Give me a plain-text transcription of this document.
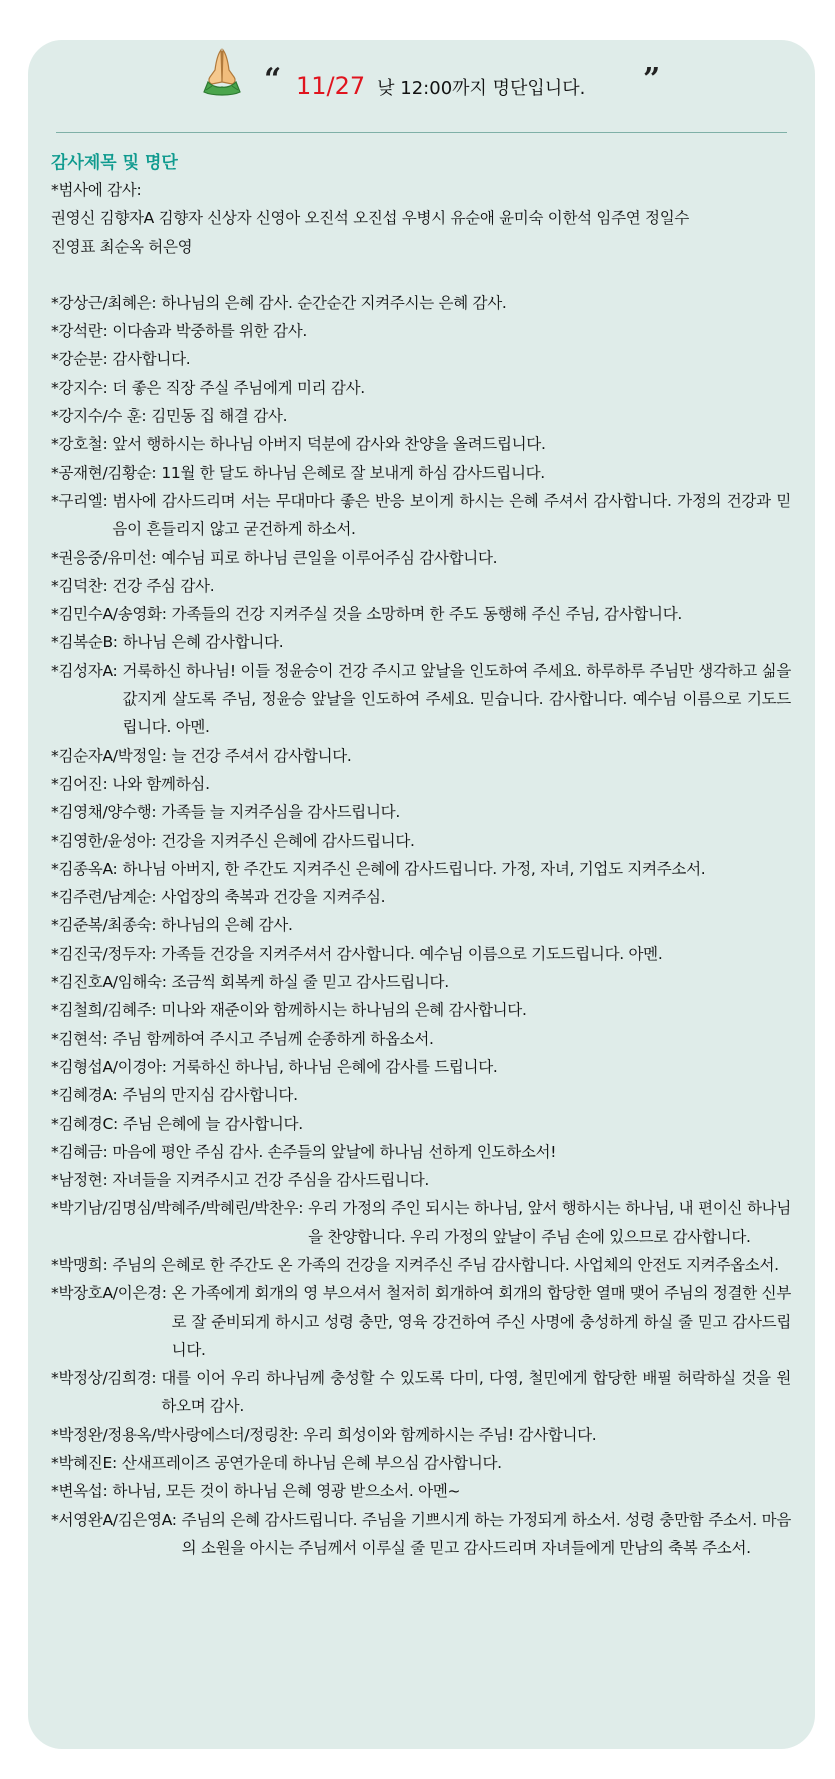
“ 11/27 낮 12:00까지 명단입니다. ”
감사제목 및 명단
*범사에 감사:
권영신 김향자A 김향자 신상자 신영아 오진석 오진섭 우병시 유순애 윤미숙 이한석 임주연 정일수
진영표 최순옥 허은영
*강상근/최혜은: 하나님의 은혜 감사. 순간순간 지켜주시는 은혜 감사.
*강석란: 이다솜과 박중하를 위한 감사.
*강순분: 감사합니다.
*강지수: 더 좋은 직장 주실 주님에게 미리 감사.
*강지수/수 훈: 김민동 집 해결 감사.
*강호철: 앞서 행하시는 하나님 아버지 덕분에 감사와 찬양을 올려드립니다.
*공재현/김황순: 11월 한 달도 하나님 은혜로 잘 보내게 하심 감사드립니다.
*구리엘: 범사에 감사드리며 서는 무대마다 좋은 반응 보이게 하시는 은혜 주셔서 감사합니다. 가정의 건강과 믿음이 흔들리지 않고 굳건하게 하소서.
*권응중/유미선: 예수님 피로 하나님 큰일을 이루어주심 감사합니다.
*김덕찬: 건강 주심 감사.
*김민수A/송영화: 가족들의 건강 지켜주실 것을 소망하며 한 주도 동행해 주신 주님, 감사합니다.
*김복순B: 하나님 은혜 감사합니다.
*김성자A: 거룩하신 하나님! 이들 정윤승이 건강 주시고 앞날을 인도하여 주세요. 하루하루 주님만 생각하고 싦을 값지게 살도록 주님, 정윤승 앞날을 인도하여 주세요. 믿습니다. 감사합니다. 예수님 이름으로 기도드립니다. 아멘.
*김순자A/박정일: 늘 건강 주셔서 감사합니다.
*김어진: 나와 함께하심.
*김영채/양수행: 가족들 늘 지켜주심을 감사드립니다.
*김영한/윤성아: 건강을 지켜주신 은혜에 감사드립니다.
*김종옥A: 하나님 아버지, 한 주간도 지켜주신 은혜에 감사드립니다. 가정, 자녀, 기업도 지켜주소서.
*김주련/남계순: 사업장의 축복과 건강을 지켜주심.
*김준복/최종숙: 하나님의 은혜 감사.
*김진국/정두자: 가족들 건강을 지켜주셔서 감사합니다. 예수님 이름으로 기도드립니다. 아멘.
*김진호A/임해숙: 조금씩 회복케 하실 줄 믿고 감사드립니다.
*김철희/김혜주: 미나와 재준이와 함께하시는 하나님의 은혜 감사합니다.
*김현석: 주님 함께하여 주시고 주님께 순종하게 하옵소서.
*김형섭A/이경아: 거룩하신 하나님, 하나님 은혜에 감사를 드립니다.
*김혜경A: 주님의 만지심 감사합니다.
*김혜경C: 주님 은혜에 늘 감사합니다.
*김혜금: 마음에 평안 주심 감사. 손주들의 앞날에 하나님 선하게 인도하소서!
*남정현: 자녀들을 지켜주시고 건강 주심을 감사드립니다.
*박기남/김명심/박혜주/박혜린/박찬우: 우리 가정의 주인 되시는 하나님, 앞서 행하시는 하나님, 내 편이신 하나님을 찬양합니다. 우리 가정의 앞날이 주님 손에 있으므로 감사합니다.
*박맹희: 주님의 은혜로 한 주간도 온 가족의 건강을 지켜주신 주님 감사합니다. 사업체의 안전도 지켜주옵소서.
*박장호A/이은경: 온 가족에게 회개의 영 부으셔서 철저히 회개하여 회개의 합당한 열매 맺어 주님의 정결한 신부로 잘 준비되게 하시고 성령 충만, 영육 강건하여 주신 사명에 충성하게 하실 줄 믿고 감사드립니다.
*박정상/김희경: 대를 이어 우리 하나님께 충성할 수 있도록 다미, 다영, 철민에게 합당한 배필 허락하실 것을 원하오며 감사.
*박정완/정용옥/박사랑에스더/정링찬: 우리 희성이와 함께하시는 주님! 감사합니다.
*박혜진E: 산새프레이즈 공연가운데 하나님 은혜 부으심 감사합니다.
*변옥섭: 하나님, 모든 것이 하나님 은혜 영광 받으소서. 아멘~
*서영완A/김은영A: 주님의 은혜 감사드립니다. 주님을 기쁘시게 하는 가정되게 하소서. 성령 충만함 주소서. 마음의 소원을 아시는 주님께서 이루실 줄 믿고 감사드리며 자녀들에게 만남의 축복 주소서.
